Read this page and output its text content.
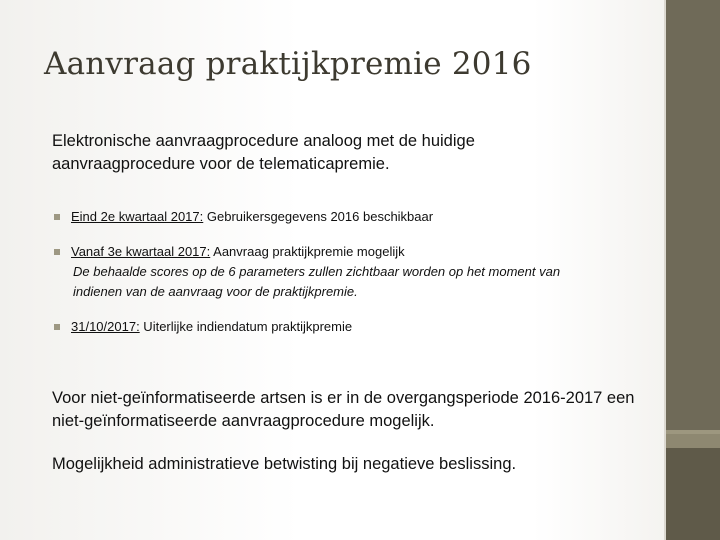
Aanvraag praktijkpremie 2016
Elektronische aanvraagprocedure analoog met de huidige aanvraagprocedure voor de telematicapremie.
Eind 2e kwartaal 2017: Gebruikersgegevens 2016 beschikbaar
Vanaf 3e kwartaal 2017: Aanvraag praktijkpremie mogelijk
De behaalde scores op de 6 parameters zullen zichtbaar worden op het moment van
indienen van de aanvraag voor de praktijkpremie.
31/10/2017: Uiterlijke indiendatum praktijkpremie
Voor niet-geïnformatiseerde artsen is er in de overgangsperiode 2016-2017 een niet-geïnformatiseerde aanvraagprocedure mogelijk.
Mogelijkheid administratieve betwisting bij negatieve beslissing.
